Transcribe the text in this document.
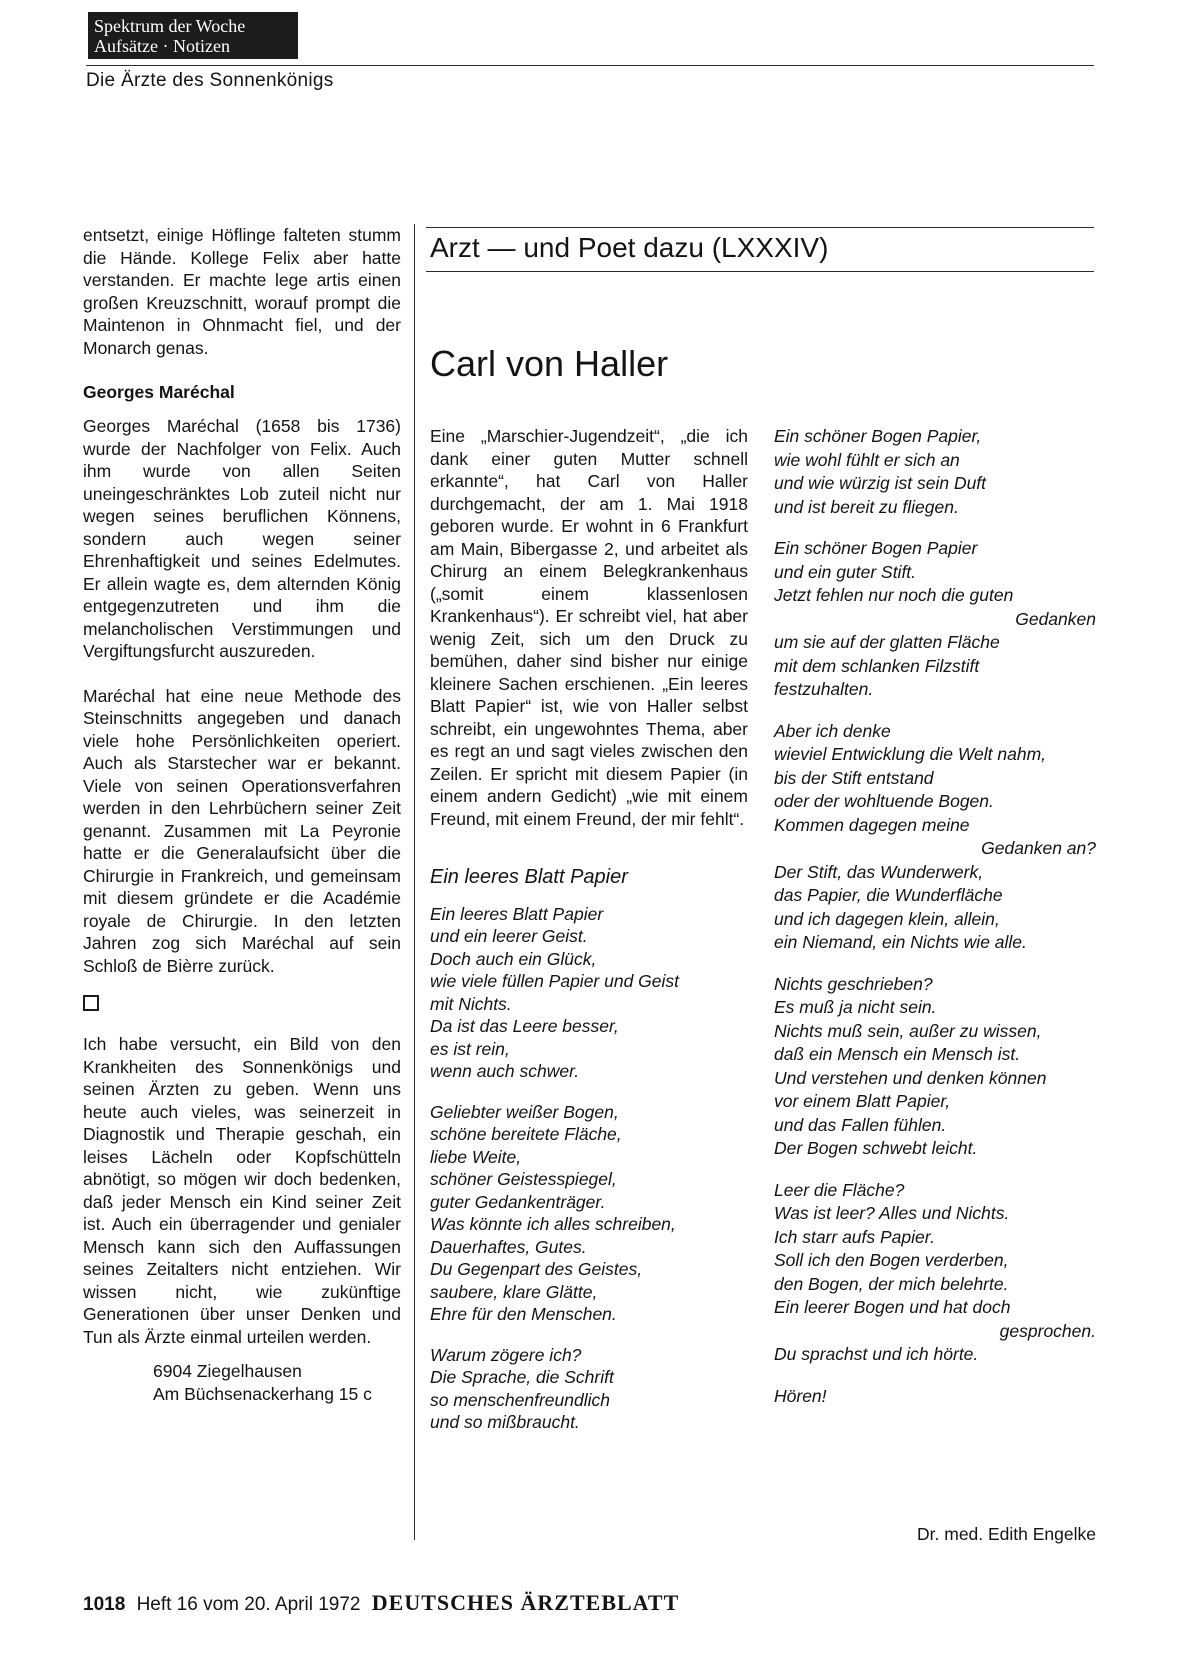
Spektrum der Woche
Aufsätze · Notizen
Die Ärzte des Sonnenkönigs

entsetzt, einige Höflinge falteten stumm die Hände. Kollege Felix aber hatte verstanden. Er machte lege artis einen großen Kreuzschnitt, worauf prompt die Maintenon in Ohnmacht fiel, und der Monarch genas.

Georges Maréchal

Georges Maréchal (1658 bis 1736) wurde der Nachfolger von Felix. Auch ihm wurde von allen Seiten uneingeschränktes Lob zuteil nicht nur wegen seines beruflichen Könnens, sondern auch wegen seiner Ehrenhaftigkeit und seines Edelmutes. Er allein wagte es, dem alternden König entgegenzutreten und ihm die melancholischen Verstimmungen und Vergiftungsfurcht auszureden.

Maréchal hat eine neue Methode des Steinschnitts angegeben und danach viele hohe Persönlichkeiten operiert. Auch als Starstecher war er bekannt. Viele von seinen Operationsverfahren werden in den Lehrbüchern seiner Zeit genannt. Zusammen mit La Peyronie hatte er die Generalaufsicht über die Chirurgie in Frankreich, und gemeinsam mit diesem gründete er die Académie royale de Chirurgie. In den letzten Jahren zog sich Maréchal auf sein Schloß de Bièrre zurück.

Ich habe versucht, ein Bild von den Krankheiten des Sonnenkönigs und seinen Ärzten zu geben. Wenn uns heute auch vieles, was seinerzeit in Diagnostik und Therapie geschah, ein leises Lächeln oder Kopfschütteln abnötigt, so mögen wir doch bedenken, daß jeder Mensch ein Kind seiner Zeit ist. Auch ein überragender und genialer Mensch kann sich den Auffassungen seines Zeitalters nicht entziehen. Wir wissen nicht, wie zukünftige Generationen über unser Denken und Tun als Ärzte einmal urteilen werden.

6904 Ziegelhausen
Am Büchsenackerhang 15 c
Arzt — und Poet dazu (LXXXIV)
Carl von Haller

Eine „Marschier-Jugendzeit“, „die ich dank einer guten Mutter schnell erkannte“, hat Carl von Haller durchgemacht, der am 1. Mai 1918 geboren wurde. Er wohnt in 6 Frankfurt am Main, Bibergasse 2, und arbeitet als Chirurg an einem Belegkrankenhaus („somit einem klassenlosen Krankenhaus“). Er schreibt viel, hat aber wenig Zeit, sich um den Druck zu bemühen, daher sind bisher nur einige kleinere Sachen erschienen. „Ein leeres Blatt Papier“ ist, wie von Haller selbst schreibt, ein ungewohntes Thema, aber es regt an und sagt vieles zwischen den Zeilen. Er spricht mit diesem Papier (in einem andern Gedicht) „wie mit einem Freund, mit einem Freund, der mir fehlt“.

Ein leeres Blatt Papier
Ein leeres Blatt Papier
und ein leerer Geist.
Doch auch ein Glück,
wie viele füllen Papier und Geist
mit Nichts.
Da ist das Leere besser,
es ist rein,
wenn auch schwer.
Geliebter weißer Bogen,
schöne bereitete Fläche,
liebe Weite,
schöner Geistesspiegel,
guter Gedankenträger.
Was könnte ich alles schreiben,
Dauerhaftes, Gutes.
Du Gegenpart des Geistes,
saubere, klare Glätte,
Ehre für den Menschen.
Warum zögere ich?
Die Sprache, die Schrift
so menschenfreundlich
und so mißbraucht.
Ein schöner Bogen Papier,
wie wohl fühlt er sich an
und wie würzig ist sein Duft
und ist bereit zu fliegen.
Ein schöner Bogen Papier
und ein guter Stift.
Jetzt fehlen nur noch die guten
Gedanken
um sie auf der glatten Fläche
mit dem schlanken Filzstift
festzuhalten.
Aber ich denke
wieviel Entwicklung die Welt nahm,
bis der Stift entstand
oder der wohltuende Bogen.
Kommen dagegen meine
Gedanken an?
Der Stift, das Wunderwerk,
das Papier, die Wunderfläche
und ich dagegen klein, allein,
ein Niemand, ein Nichts wie alle.
Nichts geschrieben?
Es muß ja nicht sein.
Nichts muß sein, außer zu wissen,
daß ein Mensch ein Mensch ist.
Und verstehen und denken können
vor einem Blatt Papier,
und das Fallen fühlen.
Der Bogen schwebt leicht.
Leer die Fläche?
Was ist leer? Alles und Nichts.
Ich starr aufs Papier.
Soll ich den Bogen verderben,
den Bogen, der mich belehrte.
Ein leerer Bogen und hat doch
gesprochen.
Du sprachst und ich hörte.
Hören!
Dr. med. Edith Engelke
1018 Heft 16 vom 20. April 1972 DEUTSCHES ÄRZTEBLATT
